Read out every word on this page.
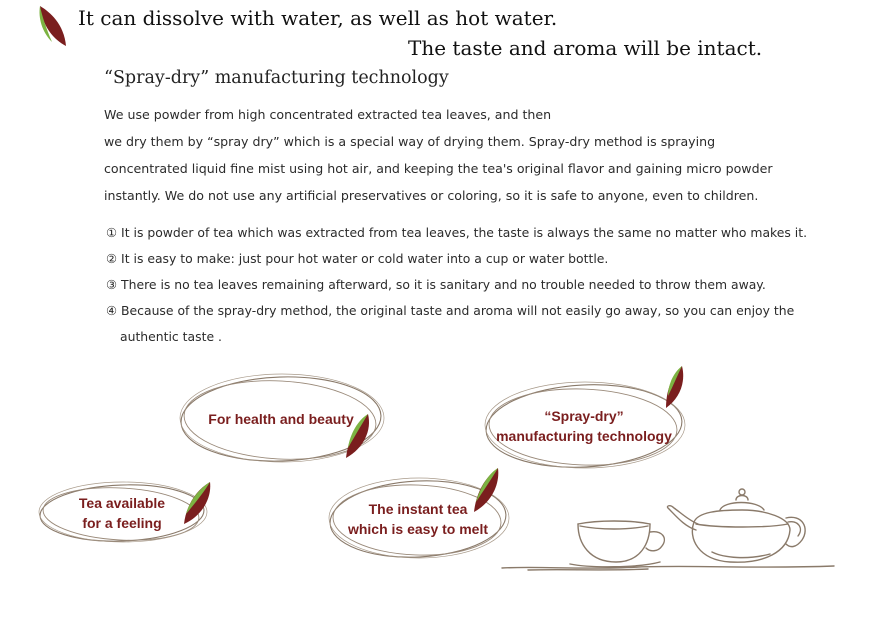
It can dissolve with water, as well as hot water.
The taste and aroma will be intact.
“Spray-dry” manufacturing technology
We use powder from high concentrated extracted tea leaves, and then
we dry them by “spray dry” which is a special way of drying them. Spray-dry method is spraying
concentrated liquid fine mist using hot air, and keeping the tea's original flavor and gaining micro powder
instantly. We do not use any artificial preservatives or coloring, so it is safe to anyone, even to children.
① It is powder of tea which was extracted from tea leaves, the taste is always the same no matter who makes it.
② It is easy to make: just pour hot water or cold water into a cup or water bottle.
③ There is no tea leaves remaining afterward, so it is sanitary and no trouble needed to throw them away.
④ Because of the spray-dry method, the original taste and aroma will not easily go away, so you can enjoy the
authentic taste .
For health and beauty	“Spray-dry”
manufacturing technology
Tea available
for a feeling
The instant tea
which is easy to melt
